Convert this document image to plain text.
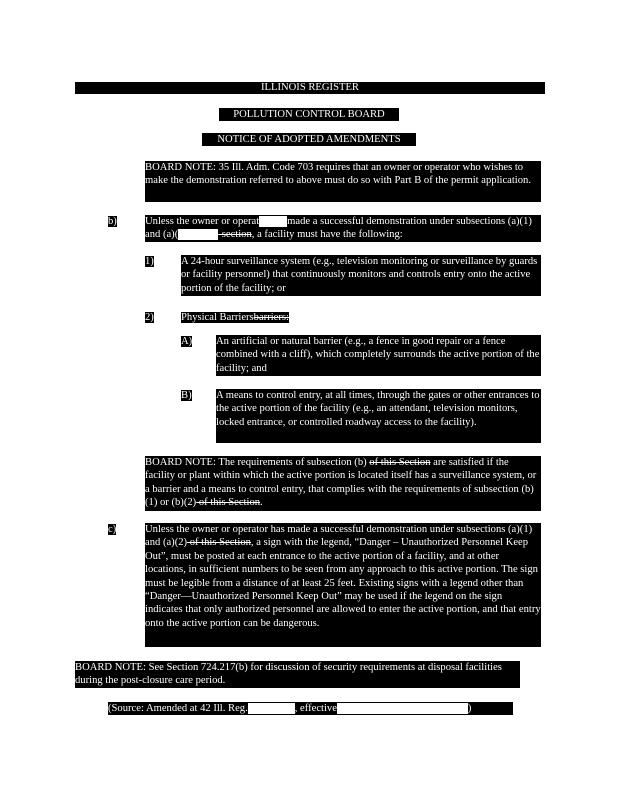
ILLINOIS REGISTER
POLLUTION CONTROL BOARD
NOTICE OF ADOPTED AMENDMENTS
BOARD NOTE: 35 Ill. Adm. Code 703 requires that an owner or operator who wishes to make the demonstration referred to above must do so with Part B of the permit application.
b)	Unless the owner or operat	made a successful demonstration under subsections (a)(1) and (a)(	-section, a facility must have the following:
1)	A 24-hour surveillance system (e.g., television monitoring or surveillance by guards or facility personnel) that continuously monitors and controls entry onto the active portion of the facility; or
2)	Physical Barriersbarriers:
A) An artificial or natural barrier (e.g., a fence in good repair or a fence combined with a cliff), which completely surrounds the active portion of the facility; and
B) A means to control entry, at all times, through the gates or other entrances to the active portion of the facility (e.g., an attendant, television monitors, locked entrance, or controlled roadway access to the facility).
BOARD NOTE: The requirements of subsection (b) of this Section are satisfied if the facility or plant within which the active portion is located itself has a surveillance system, or a barrier and a means to control entry, that complies with the requirements of subsection (b)(1) or (b)(2) of this Section.
c)	Unless the owner or operator has made a successful demonstration under subsections (a)(1) and (a)(2) of this Section, a sign with the legend, “Danger – Unauthorized Personnel Keep Out”, must be posted at each entrance to the active portion of a facility, and at other locations, in sufficient numbers to be seen from any approach to this active portion. The sign must be legible from a distance of at least 25 feet. Existing signs with a legend other than “Danger—Unauthorized Personnel Keep Out” may be used if the legend on the sign indicates that only authorized personnel are allowed to enter the active portion, and that entry onto the active portion can be dangerous.
BOARD NOTE: See Section 724.217(b) for discussion of security requirements at disposal facilities during the post-closure care period.
(Source: Amended at 42 Ill. Reg.	, effective	)
